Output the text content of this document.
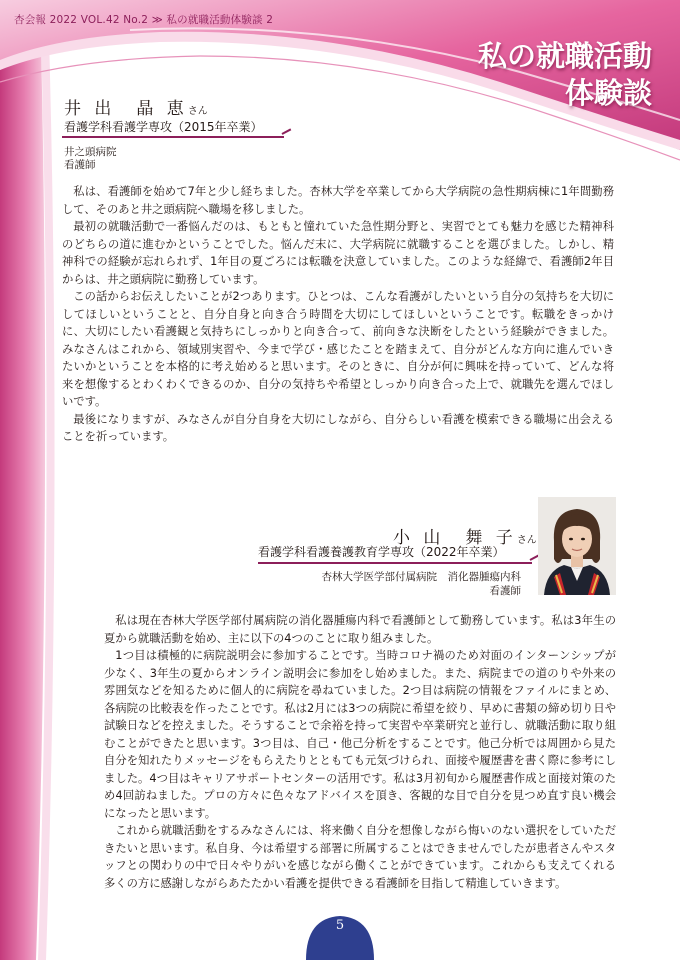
杏会報 2022 VOL.42 No.2 ≫ 私の就職活動体験談 2
私の就職活動
体験談
井 出　晶 恵さん
看護学科看護学専攻（2015年卒業）
井之頭病院
看護師

私は、看護師を始めて7年と少し経ちました。杏林大学を卒業してから大学病院の急性期病棟に1年間勤務して、そのあと井之頭病院へ職場を移しました。

最初の就職活動で一番悩んだのは、もともと憧れていた急性期分野と、実習でとても魅力を感じた精神科のどちらの道に進むかということでした。悩んだ末に、大学病院に就職することを選びました。しかし、精神科での経験が忘れられず、1年目の夏ごろには転職を決意していました。このような経緯で、看護師2年目からは、井之頭病院に勤務しています。

この話からお伝えしたいことが2つあります。ひとつは、こんな看護がしたいという自分の気持ちを大切にしてほしいということと、自分自身と向き合う時間を大切にしてほしいということです。転職をきっかけに、大切にしたい看護観と気持ちにしっかりと向き合って、前向きな決断をしたという経験ができました。みなさんはこれから、領域別実習や、今まで学び・感じたことを踏まえて、自分がどんな方向に進んでいきたいかということを本格的に考え始めると思います。そのときに、自分が何に興味を持っていて、どんな将来を想像するとわくわくできるのか、自分の気持ちや希望としっかり向き合った上で、就職先を選んでほしいです。

最後になりますが、みなさんが自分自身を大切にしながら、自分らしい看護を模索できる職場に出会えることを祈っています。

小 山　舞 子さん
看護学科看護養護教育学専攻（2022年卒業）
杏林大学医学部付属病院　消化器腫瘍内科
看護師

私は現在杏林大学医学部付属病院の消化器腫瘍内科で看護師として勤務しています。私は3年生の夏から就職活動を始め、主に以下の4つのことに取り組みました。

1つ目は積極的に病院説明会に参加することです。当時コロナ禍のため対面のインターンシップが少なく、3年生の夏からオンライン説明会に参加をし始めました。また、病院までの道のりや外来の雰囲気などを知るために個人的に病院を尋ねていました。2つ目は病院の情報をファイルにまとめ、各病院の比較表を作ったことです。私は2月には3つの病院に希望を絞り、早めに書類の締め切り日や試験日などを控えました。そうすることで余裕を持って実習や卒業研究と並行し、就職活動に取り組むことができたと思います。3つ目は、自己・他己分析をすることです。他己分析では周囲から見た自分を知れたりメッセージをもらえたりとともても元気づけられ、面接や履歴書を書く際に参考にしました。4つ目はキャリアサポートセンターの活用です。私は3月初旬から履歴書作成と面接対策のため4回訪ねました。プロの方々に色々なアドバイスを頂き、客観的な目で自分を見つめ直す良い機会になったと思います。

これから就職活動をするみなさんには、将来働く自分を想像しながら悔いのない選択をしていただきたいと思います。私自身、今は希望する部署に所属することはできませんでしたが患者さんやスタッフとの関わりの中で日々やりがいを感じながら働くことができています。これからも支えてくれる多くの方に感謝しながらあたたかい看護を提供できる看護師を目指して精進していきます。

5
